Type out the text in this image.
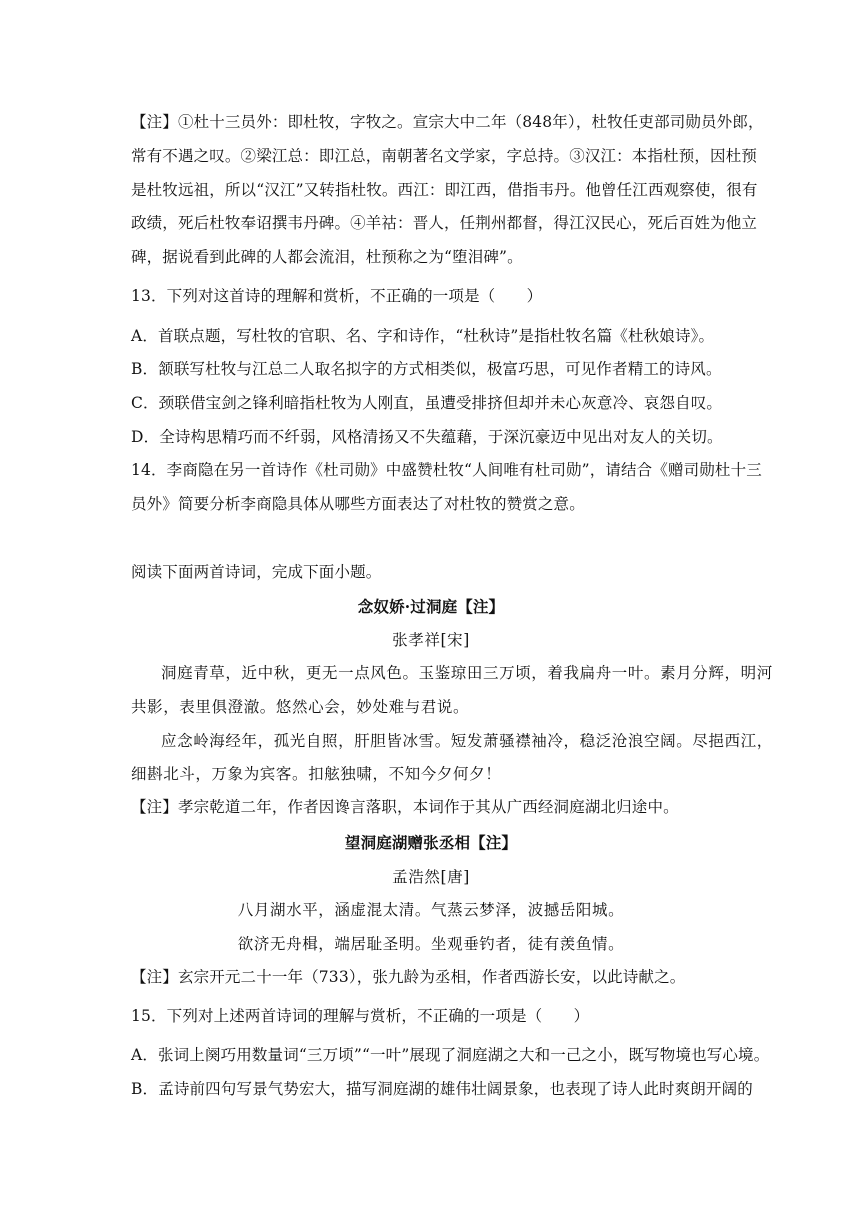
【注】①杜十三员外：即杜牧，字牧之。宣宗大中二年（848年），杜牧任吏部司勋员外郎，
常有不遇之叹。②梁江总：即江总，南朝著名文学家，字总持。③汉江：本指杜预，因杜预
是杜牧远祖，所以“汉江”又转指杜牧。西江：即江西，借指韦丹。他曾任江西观察使，很有
政绩，死后杜牧奉诏撰韦丹碑。④羊祜：晋人，任荆州都督，得江汉民心，死后百姓为他立
碑，据说看到此碑的人都会流泪，杜预称之为“堕泪碑”。
13．下列对这首诗的理解和赏析，不正确的一项是（　　）
A．首联点题，写杜牧的官职、名、字和诗作，“杜秋诗”是指杜牧名篇《杜秋娘诗》。
B．颔联写杜牧与江总二人取名拟字的方式相类似，极富巧思，可见作者精工的诗风。
C．颈联借宝剑之锋利暗指杜牧为人刚直，虽遭受排挤但却并未心灰意冷、哀怨自叹。
D．全诗构思精巧而不纤弱，风格清扬又不失蕴藉，于深沉豪迈中见出对友人的关切。
14．李商隐在另一首诗作《杜司勋》中盛赞杜牧“人间唯有杜司勋”，请结合《赠司勋杜十三
员外》简要分析李商隐具体从哪些方面表达了对杜牧的赞赏之意。
阅读下面两首诗词，完成下面小题。
念奴娇·过洞庭【注】
张孝祥[宋]
洞庭青草，近中秋，更无一点风色。玉鉴琼田三万顷，着我扁舟一叶。素月分辉，明河
共影，表里俱澄澈。悠然心会，妙处难与君说。
应念岭海经年，孤光自照，肝胆皆冰雪。短发萧骚襟袖冷，稳泛沧浪空阔。尽挹西江，
细斟北斗，万象为宾客。扣舷独啸，不知今夕何夕！
【注】孝宗乾道二年，作者因谗言落职，本词作于其从广西经洞庭湖北归途中。
望洞庭湖赠张丞相【注】
孟浩然[唐]
八月湖水平，涵虚混太清。气蒸云梦泽，波撼岳阳城。
欲济无舟楫，端居耻圣明。坐观垂钓者，徒有羡鱼情。
【注】玄宗开元二十一年（733），张九龄为丞相，作者西游长安，以此诗献之。
15．下列对上述两首诗词的理解与赏析，不正确的一项是（　　）
A．张词上阕巧用数量词“三万顷”“一叶”展现了洞庭湖之大和一己之小，既写物境也写心境。
B．孟诗前四句写景气势宏大，描写洞庭湖的雄伟壮阔景象，也表现了诗人此时爽朗开阔的
